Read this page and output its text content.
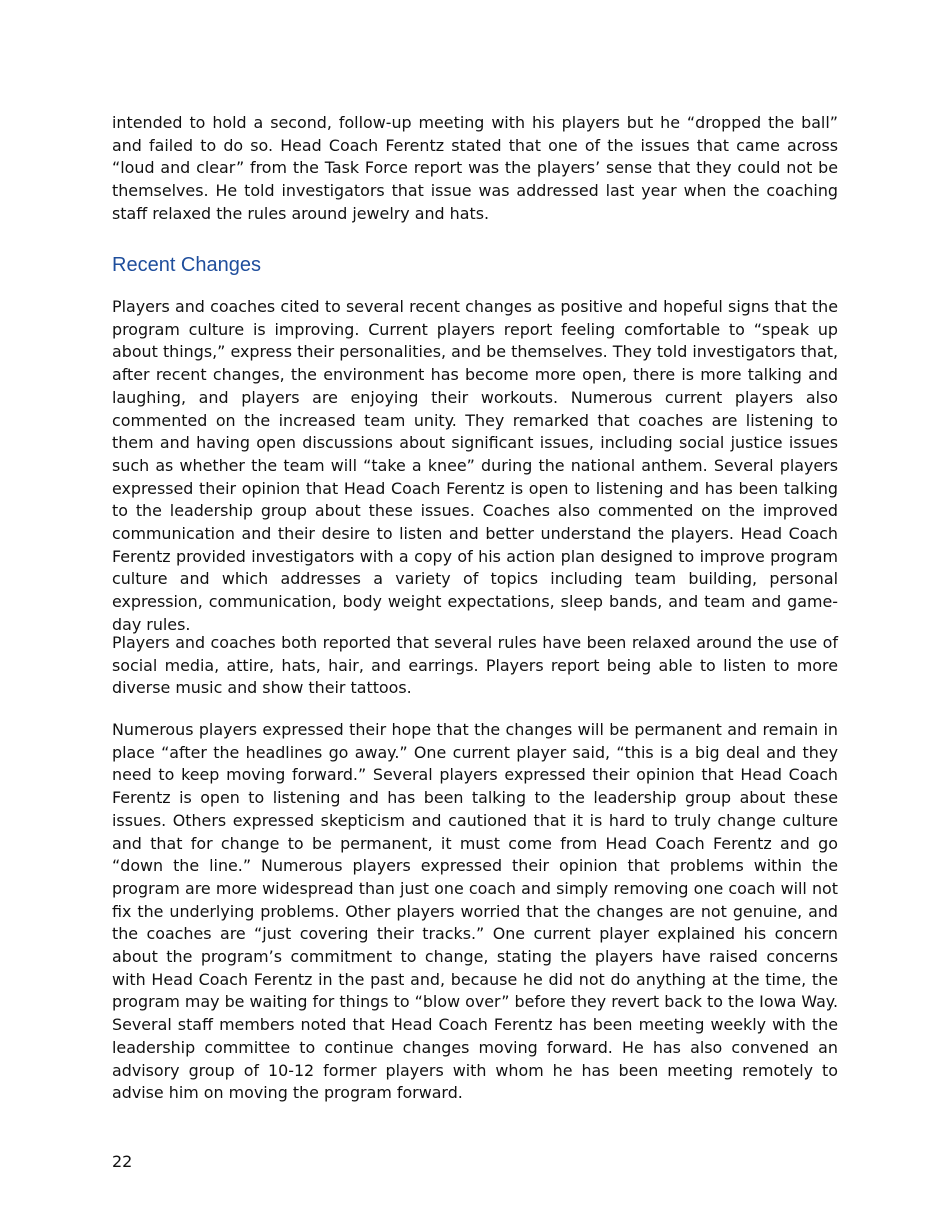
intended to hold a second, follow-up meeting with his players but he “dropped the ball” and failed to do so. Head Coach Ferentz stated that one of the issues that came across “loud and clear” from the Task Force report was the players’ sense that they could not be themselves. He told investigators that issue was addressed last year when the coaching staff relaxed the rules around jewelry and hats.

Recent Changes

Players and coaches cited to several recent changes as positive and hopeful signs that the program culture is improving. Current players report feeling comfortable to “speak up about things,” express their personalities, and be themselves. They told investigators that, after recent changes, the environment has become more open, there is more talking and laughing, and players are enjoying their workouts. Numerous current players also commented on the increased team unity. They remarked that coaches are listening to them and having open discussions about significant issues, including social justice issues such as whether the team will “take a knee” during the national anthem. Several players expressed their opinion that Head Coach Ferentz is open to listening and has been talking to the leadership group about these issues. Coaches also commented on the improved communication and their desire to listen and better understand the players. Head Coach Ferentz provided investigators with a copy of his action plan designed to improve program culture and which addresses a variety of topics including team building, personal expression, communication, body weight expectations, sleep bands, and team and game-day rules.

Players and coaches both reported that several rules have been relaxed around the use of social media, attire, hats, hair, and earrings. Players report being able to listen to more diverse music and show their tattoos.

Numerous players expressed their hope that the changes will be permanent and remain in place “after the headlines go away.” One current player said, “this is a big deal and they need to keep moving forward.” Several players expressed their opinion that Head Coach Ferentz is open to listening and has been talking to the leadership group about these issues. Others expressed skepticism and cautioned that it is hard to truly change culture and that for change to be permanent, it must come from Head Coach Ferentz and go “down the line.” Numerous players expressed their opinion that problems within the program are more widespread than just one coach and simply removing one coach will not fix the underlying problems. Other players worried that the changes are not genuine, and the coaches are “just covering their tracks.” One current player explained his concern about the program’s commitment to change, stating the players have raised concerns with Head Coach Ferentz in the past and, because he did not do anything at the time, the program may be waiting for things to “blow over” before they revert back to the Iowa Way. Several staff members noted that Head Coach Ferentz has been meeting weekly with the leadership committee to continue changes moving forward. He has also convened an advisory group of 10-12 former players with whom he has been meeting remotely to advise him on moving the program forward.

22
